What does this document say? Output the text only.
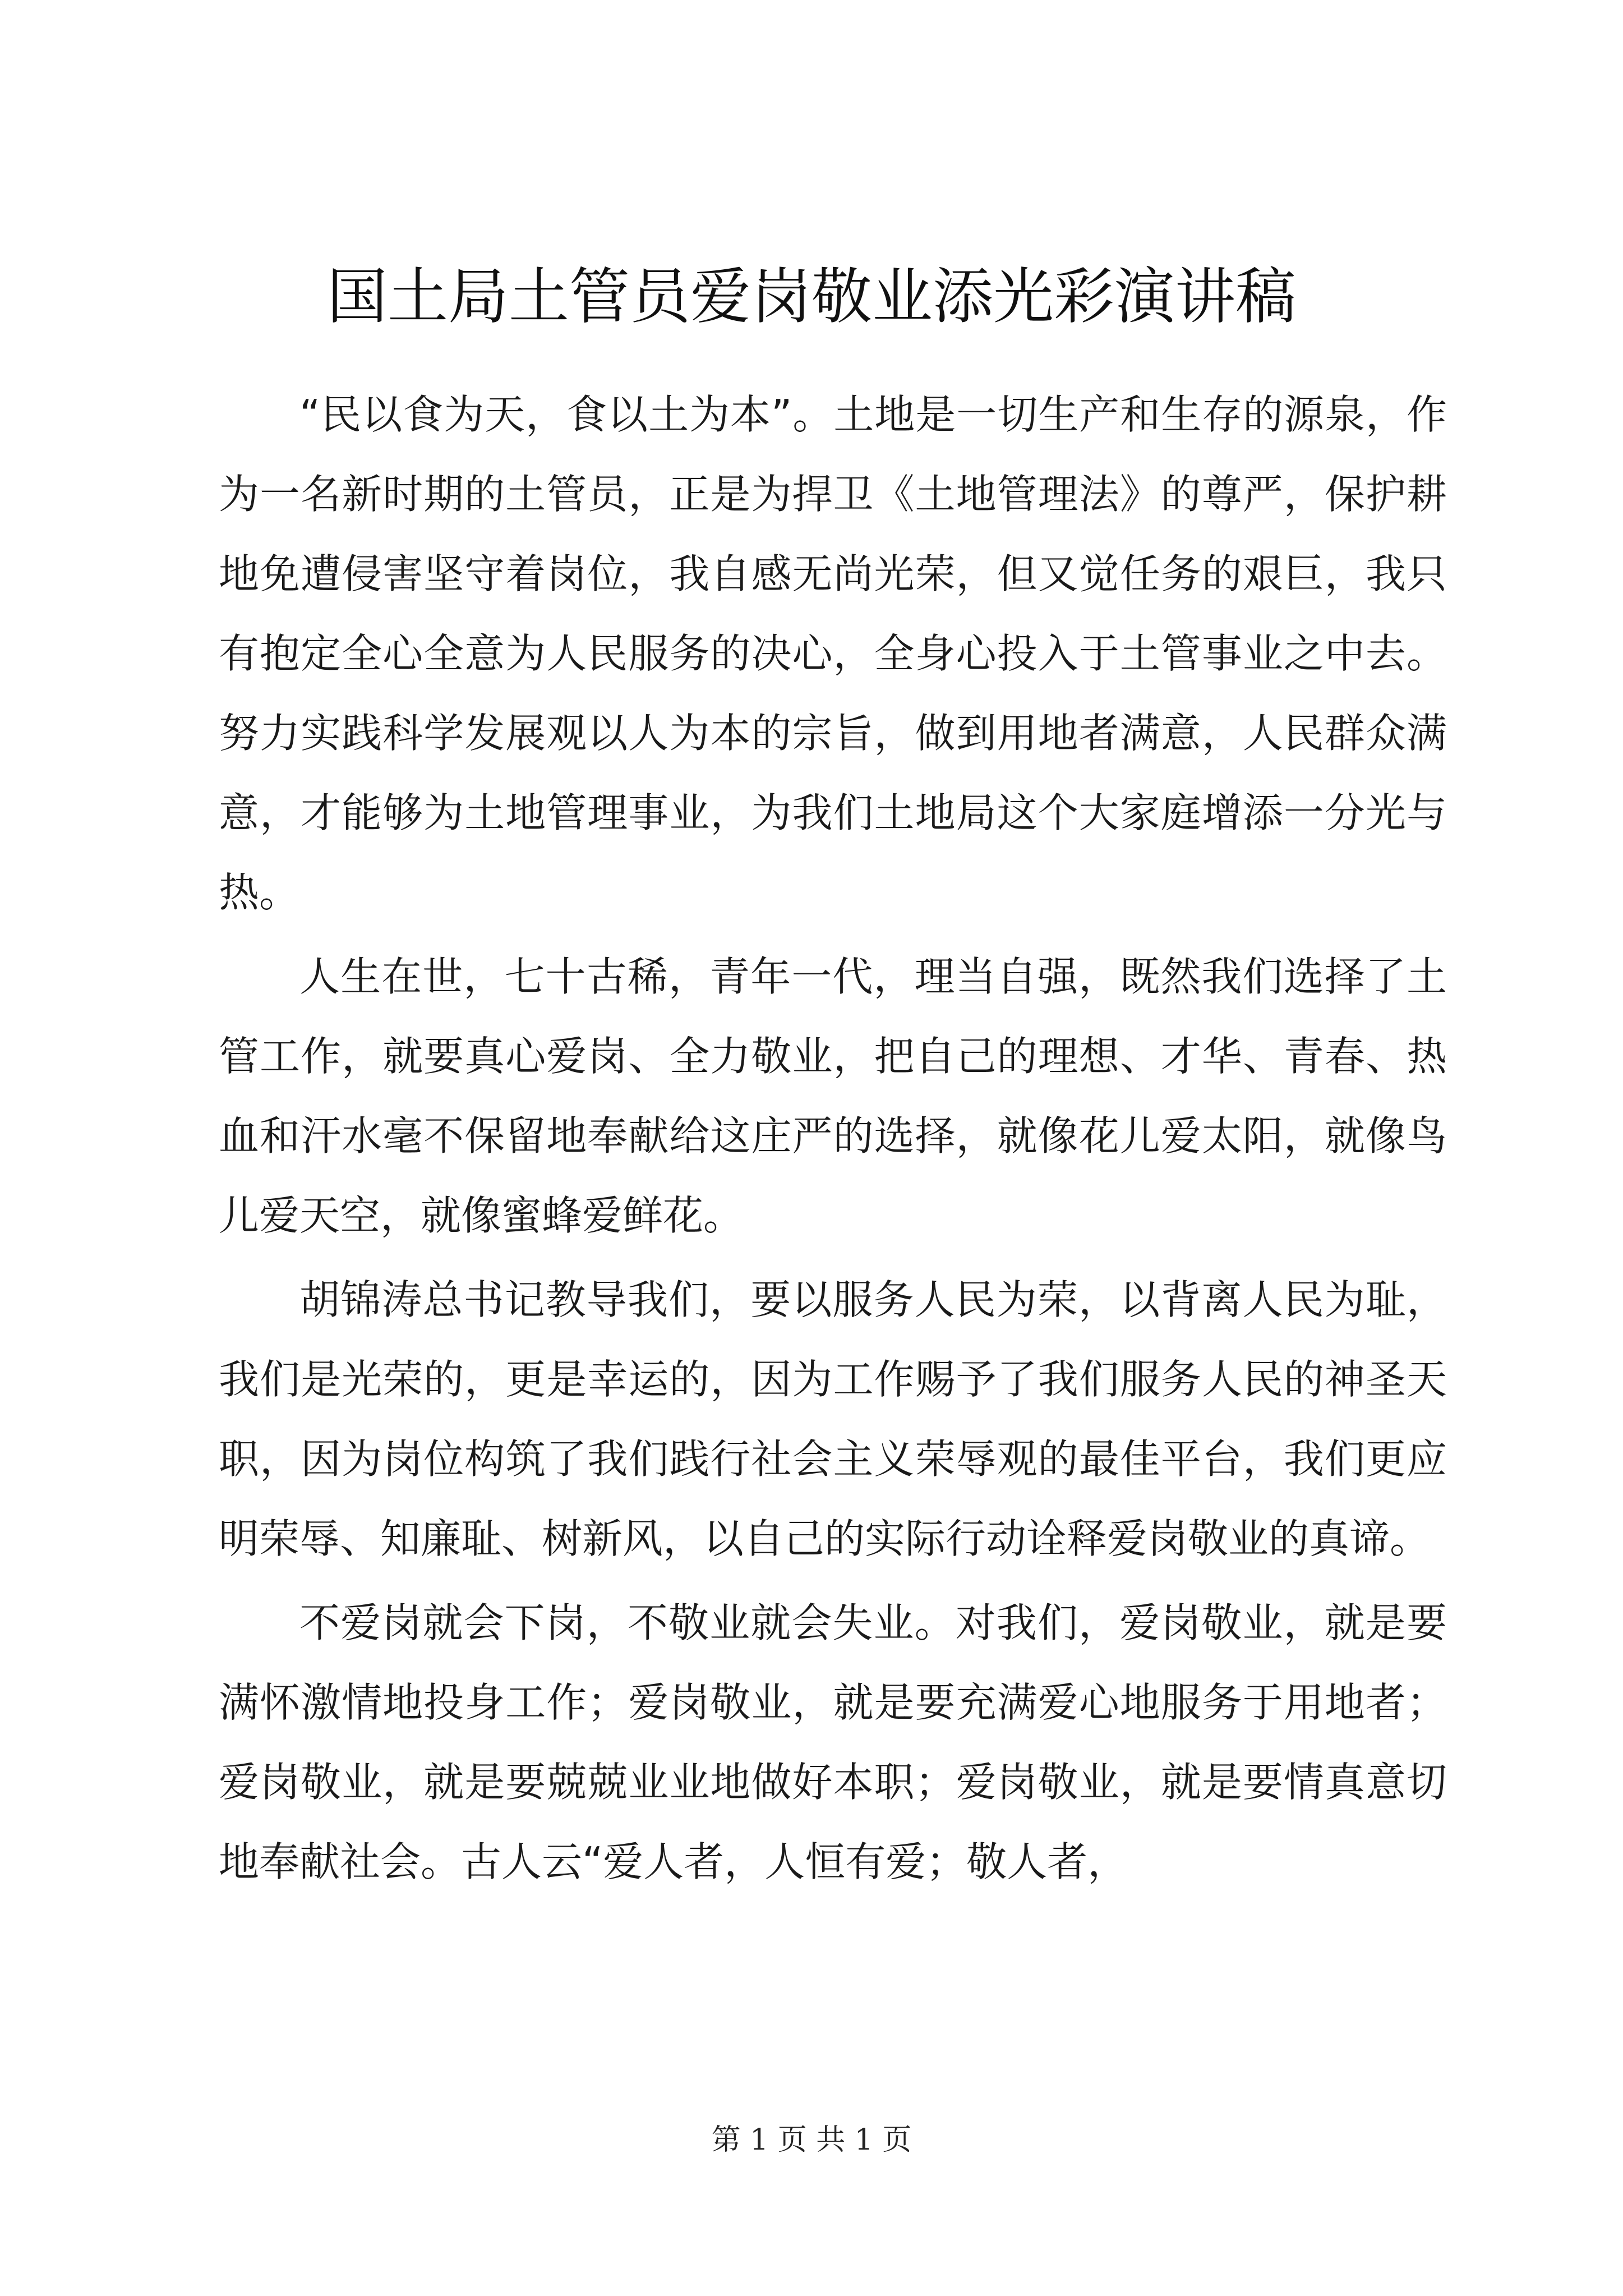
国土局土管员爱岗敬业添光彩演讲稿

“民以食为天，食以土为本”。土地是一切生产和生存的源泉，作为一名新时期的土管员，正是为捍卫《土地管理法》的尊严，保护耕地免遭侵害坚守着岗位，我自感无尚光荣，但又觉任务的艰巨，我只有抱定全心全意为人民服务的决心，全身心投入于土管事业之中去。努力实践科学发展观以人为本的宗旨，做到用地者满意，人民群众满意，才能够为土地管理事业，为我们土地局这个大家庭增添一分光与热。

人生在世，七十古稀，青年一代，理当自强，既然我们选择了土管工作，就要真心爱岗、全力敬业，把自己的理想、才华、青春、热血和汗水毫不保留地奉献给这庄严的选择，就像花儿爱太阳，就像鸟儿爱天空，就像蜜蜂爱鲜花。

胡锦涛总书记教导我们，要以服务人民为荣，以背离人民为耻，我们是光荣的，更是幸运的，因为工作赐予了我们服务人民的神圣天职，因为岗位构筑了我们践行社会主义荣辱观的最佳平台，我们更应明荣辱、知廉耻、树新风，以自己的实际行动诠释爱岗敬业的真谛。

不爱岗就会下岗，不敬业就会失业。对我们，爱岗敬业，就是要满怀激情地投身工作；爱岗敬业，就是要充满爱心地服务于用地者；爱岗敬业，就是要兢兢业业地做好本职；爱岗敬业，就是要情真意切地奉献社会。古人云“爱人者，人恒有爱；敬人者，

第 1 页 共 1 页
